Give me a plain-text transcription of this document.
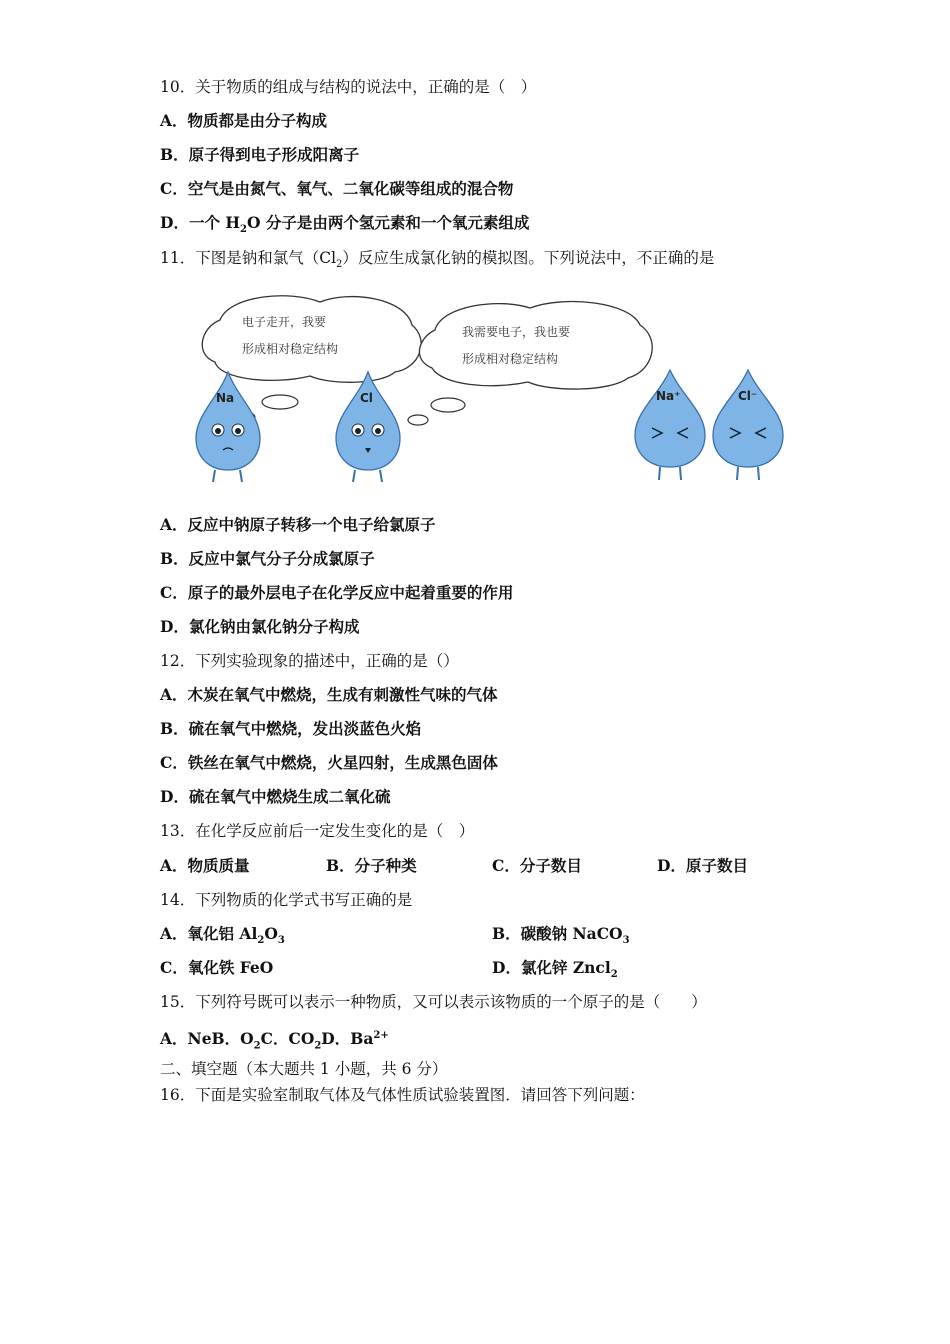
10．关于物质的组成与结构的说法中，正确的是（　）
A．物质都是由分子构成
B．原子得到电子形成阳离子
C．空气是由氮气、氧气、二氧化碳等组成的混合物
D．一个 $H_2O$ 分子是由两个氢元素和一个氧元素组成
11．下图是钠和氯气$(Cl_2)$反应生成氯化钠的模拟图。下列说法中，不正确的是
电子走开，我要
形成相对稳定结构
我需要电子，我也要
形成相对稳定结构
Na	Cl	Na⁺	Cl⁻
A．反应中钠原子转移一个电子给氯原子
B．反应中氯气分子分成氯原子
C．原子的最外层电子在化学反应中起着重要的作用
D．氯化钠由氯化钠分子构成
12．下列实验现象的描述中，正确的是（）
A．木炭在氧气中燃烧，生成有刺激性气味的气体
B．硫在氧气中燃烧，发出淡蓝色火焰
C．铁丝在氧气中燃烧，火星四射，生成黑色固体
D．硫在氧气中燃烧生成二氧化硫
13．在化学反应前后一定发生变化的是（　）
A．物质质量	B．分子种类	C．分子数目	D．原子数目
14．下列物质的化学式书写正确的是
A．氧化铝 $Al_2O_3$	B．碳酸钠 NaCO$_3$
C．氧化铁 FeO	D．氯化锌 Zncl$_2$
15．下列符号既可以表示一种物质，又可以表示该物质的一个原子的是（　　）
A．NeB．$O_2C$．$CO_2D$．$Ba^{2+}$
二、填空题（本大题共 1 小题，共 6 分）
16．下面是实验室制取气体及气体性质试验装置图．请回答下列问题：
